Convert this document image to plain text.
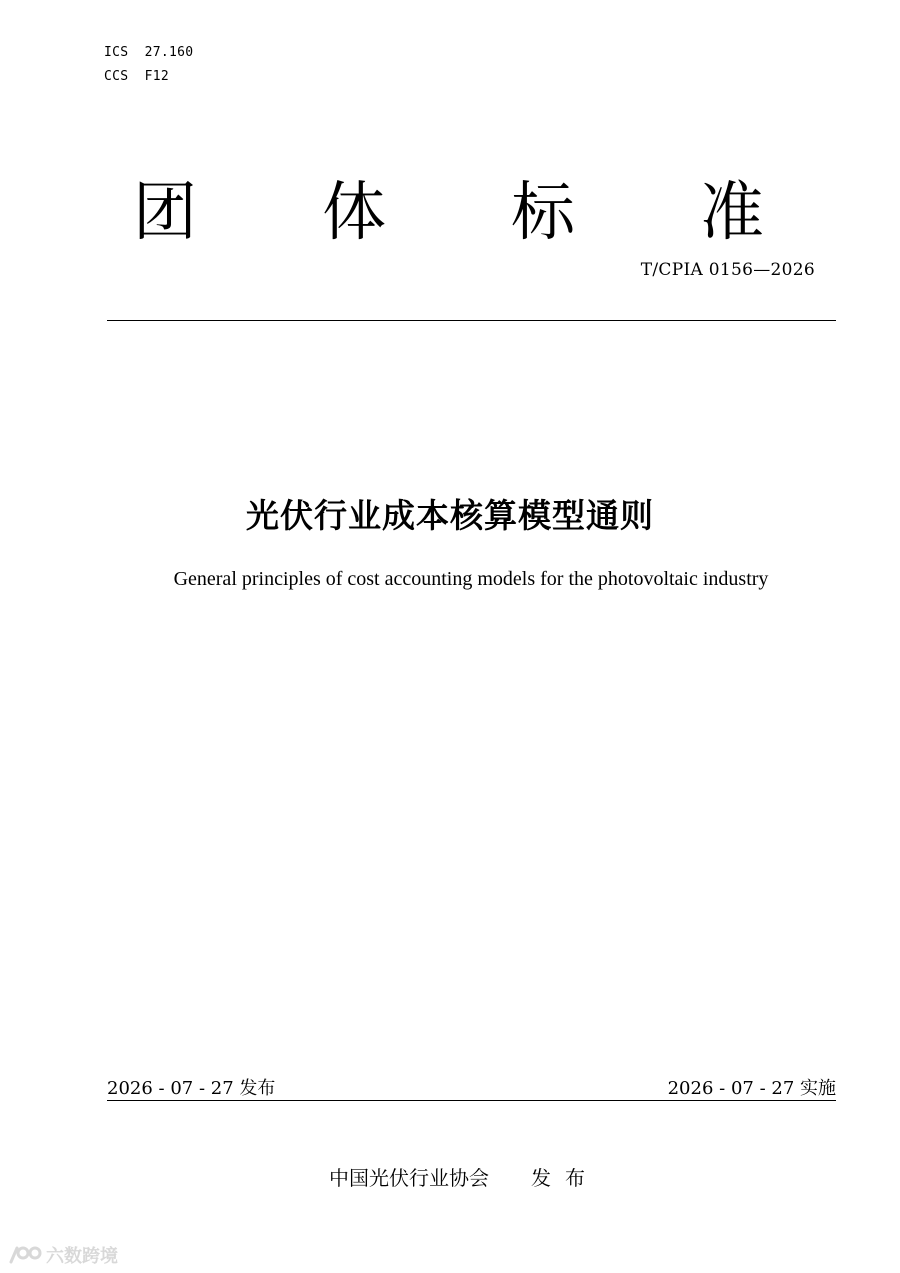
ICS  27.160
CCS  F12
团 体 标 准
T/CPIA 0156—2026
光伏行业成本核算模型通则
General principles of cost accounting models for the photovoltaic industry
2026 - 07 - 27 发布	2026 - 07 - 27 实施
中国光伏行业协会 发布
六数跨境
